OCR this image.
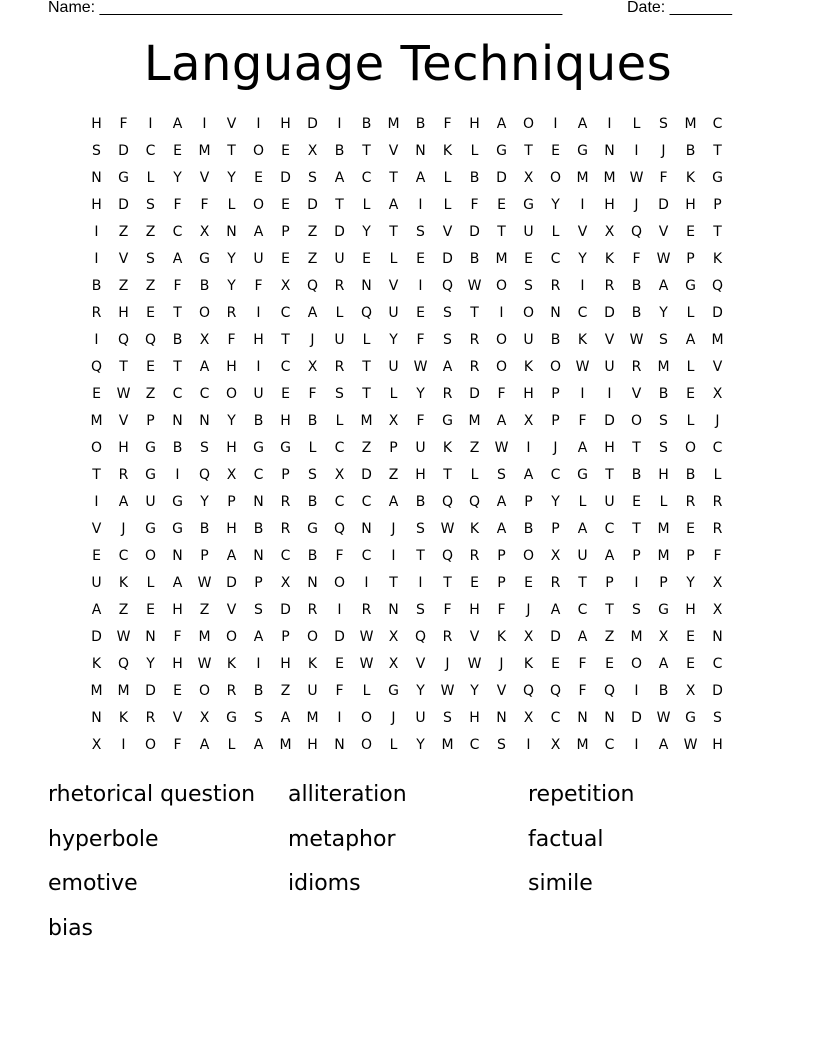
Name: ____________________________________________________	Date: _______
Language Techniques
H	F	I	A	I	V	I	H	D	I	B	M	B	F	H	A	O	I	A	I	L	S	M	C
S	D	C	E	M	T	O	E	X	B	T	V	N	K	L	G	T	E	G	N	I	J	B	T
N	G	L	Y	V	Y	E	D	S	A	C	T	A	L	B	D	X	O	M	M	W	F	K	G
H	D	S	F	F	L	O	E	D	T	L	A	I	L	F	E	G	Y	I	H	J	D	H	P
I	Z	Z	C	X	N	A	P	Z	D	Y	T	S	V	D	T	U	L	V	X	Q	V	E	T
I	V	S	A	G	Y	U	E	Z	U	E	L	E	D	B	M	E	C	Y	K	F	W	P	K
B	Z	Z	F	B	Y	F	X	Q	R	N	V	I	Q	W	O	S	R	I	R	B	A	G	Q
R	H	E	T	O	R	I	C	A	L	Q	U	E	S	T	I	O	N	C	D	B	Y	L	D
I	Q	Q	B	X	F	H	T	J	U	L	Y	F	S	R	O	U	B	K	V	W	S	A	M
Q	T	E	T	A	H	I	C	X	R	T	U	W	A	R	O	K	O	W	U	R	M	L	V
E	W	Z	C	C	O	U	E	F	S	T	L	Y	R	D	F	H	P	I	I	V	B	E	X
M	V	P	N	N	Y	B	H	B	L	M	X	F	G	M	A	X	P	F	D	O	S	L	J
O	H	G	B	S	H	G	G	L	C	Z	P	U	K	Z	W	I	J	A	H	T	S	O	C
T	R	G	I	Q	X	C	P	S	X	D	Z	H	T	L	S	A	C	G	T	B	H	B	L
I	A	U	G	Y	P	N	R	B	C	C	A	B	Q	Q	A	P	Y	L	U	E	L	R	R
V	J	G	G	B	H	B	R	G	Q	N	J	S	W	K	A	B	P	A	C	T	M	E	R
E	C	O	N	P	A	N	C	B	F	C	I	T	Q	R	P	O	X	U	A	P	M	P	F
U	K	L	A	W	D	P	X	N	O	I	T	I	T	E	P	E	R	T	P	I	P	Y	X
A	Z	E	H	Z	V	S	D	R	I	R	N	S	F	H	F	J	A	C	T	S	G	H	X
D	W	N	F	M	O	A	P	O	D	W	X	Q	R	V	K	X	D	A	Z	M	X	E	N
K	Q	Y	H	W	K	I	H	K	E	W	X	V	J	W	J	K	E	F	E	O	A	E	C
M	M	D	E	O	R	B	Z	U	F	L	G	Y	W	Y	V	Q	Q	F	Q	I	B	X	D
N	K	R	V	X	G	S	A	M	I	O	J	U	S	H	N	X	C	N	N	D	W	G	S
X	I	O	F	A	L	A	M	H	N	O	L	Y	M	C	S	I	X	M	C	I	A	W	H
rhetorical question	alliteration	repetition
hyperbole	metaphor	factual
emotive	idioms	simile
bias
